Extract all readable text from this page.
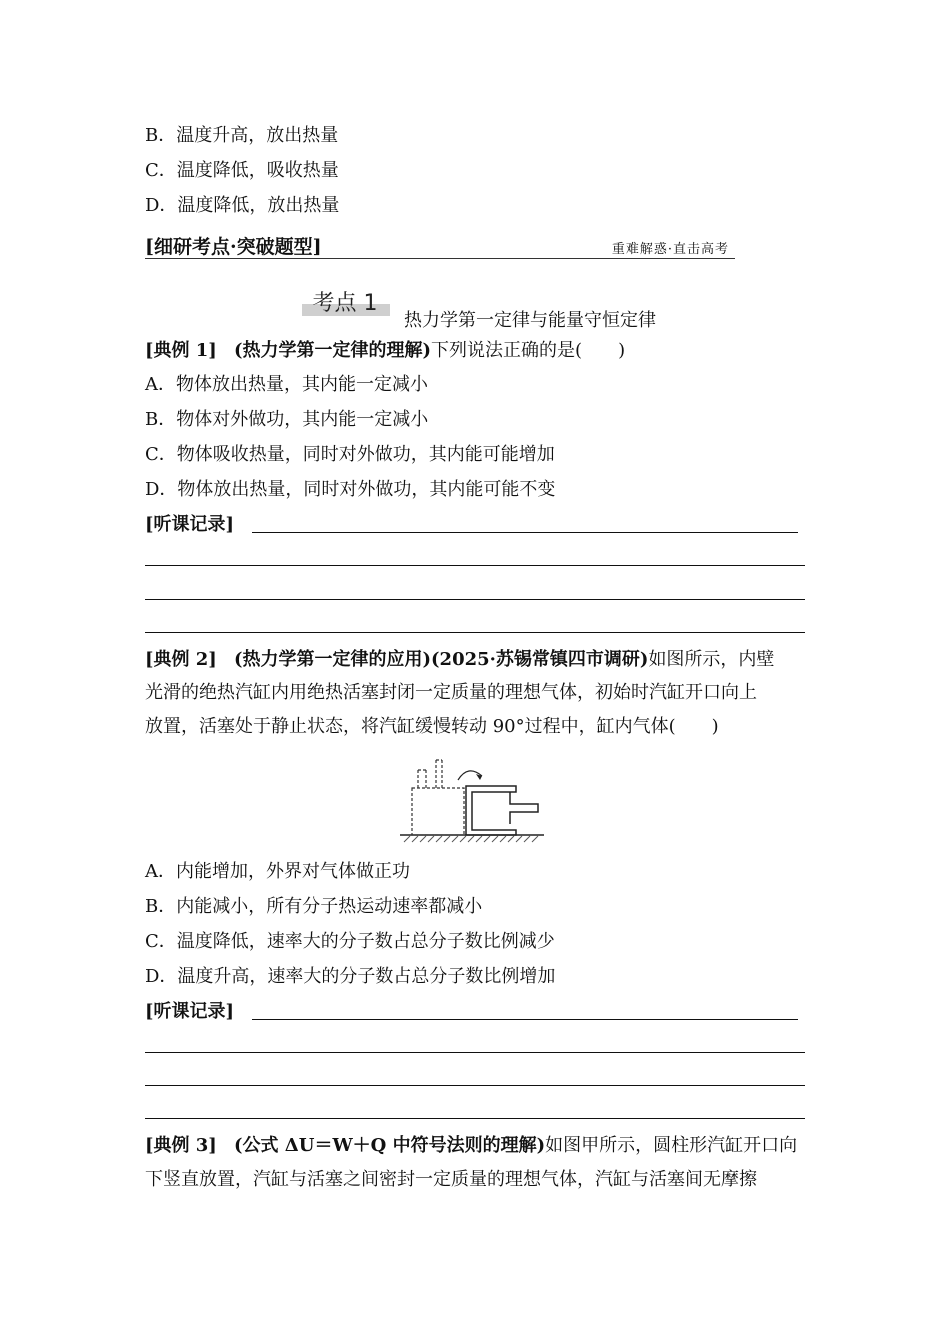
B．温度升高，放出热量
C．温度降低，吸收热量
D．温度降低，放出热量
[细研考点·突破题型]	重难解惑·直击高考
考点 1
热力学第一定律与能量守恒定律
[典例 1] (热力学第一定律的理解)下列说法正确的是(　　)
A．物体放出热量，其内能一定减小
B．物体对外做功，其内能一定减小
C．物体吸收热量，同时对外做功，其内能可能增加
D．物体放出热量，同时对外做功，其内能可能不变
[听课记录]
[典例 2] (热力学第一定律的应用)(2025·苏锡常镇四市调研)如图所示，内壁
光滑的绝热汽缸内用绝热活塞封闭一定质量的理想气体，初始时汽缸开口向上
放置，活塞处于静止状态，将汽缸缓慢转动 90°过程中，缸内气体(　　)
A．内能增加，外界对气体做正功
B．内能减小，所有分子热运动速率都减小
C．温度降低，速率大的分子数占总分子数比例减少
D．温度升高，速率大的分子数占总分子数比例增加
[听课记录]
[典例 3] (公式 ΔU＝W＋Q 中符号法则的理解)如图甲所示，圆柱形汽缸开口向
下竖直放置，汽缸与活塞之间密封一定质量的理想气体，汽缸与活塞间无摩擦
